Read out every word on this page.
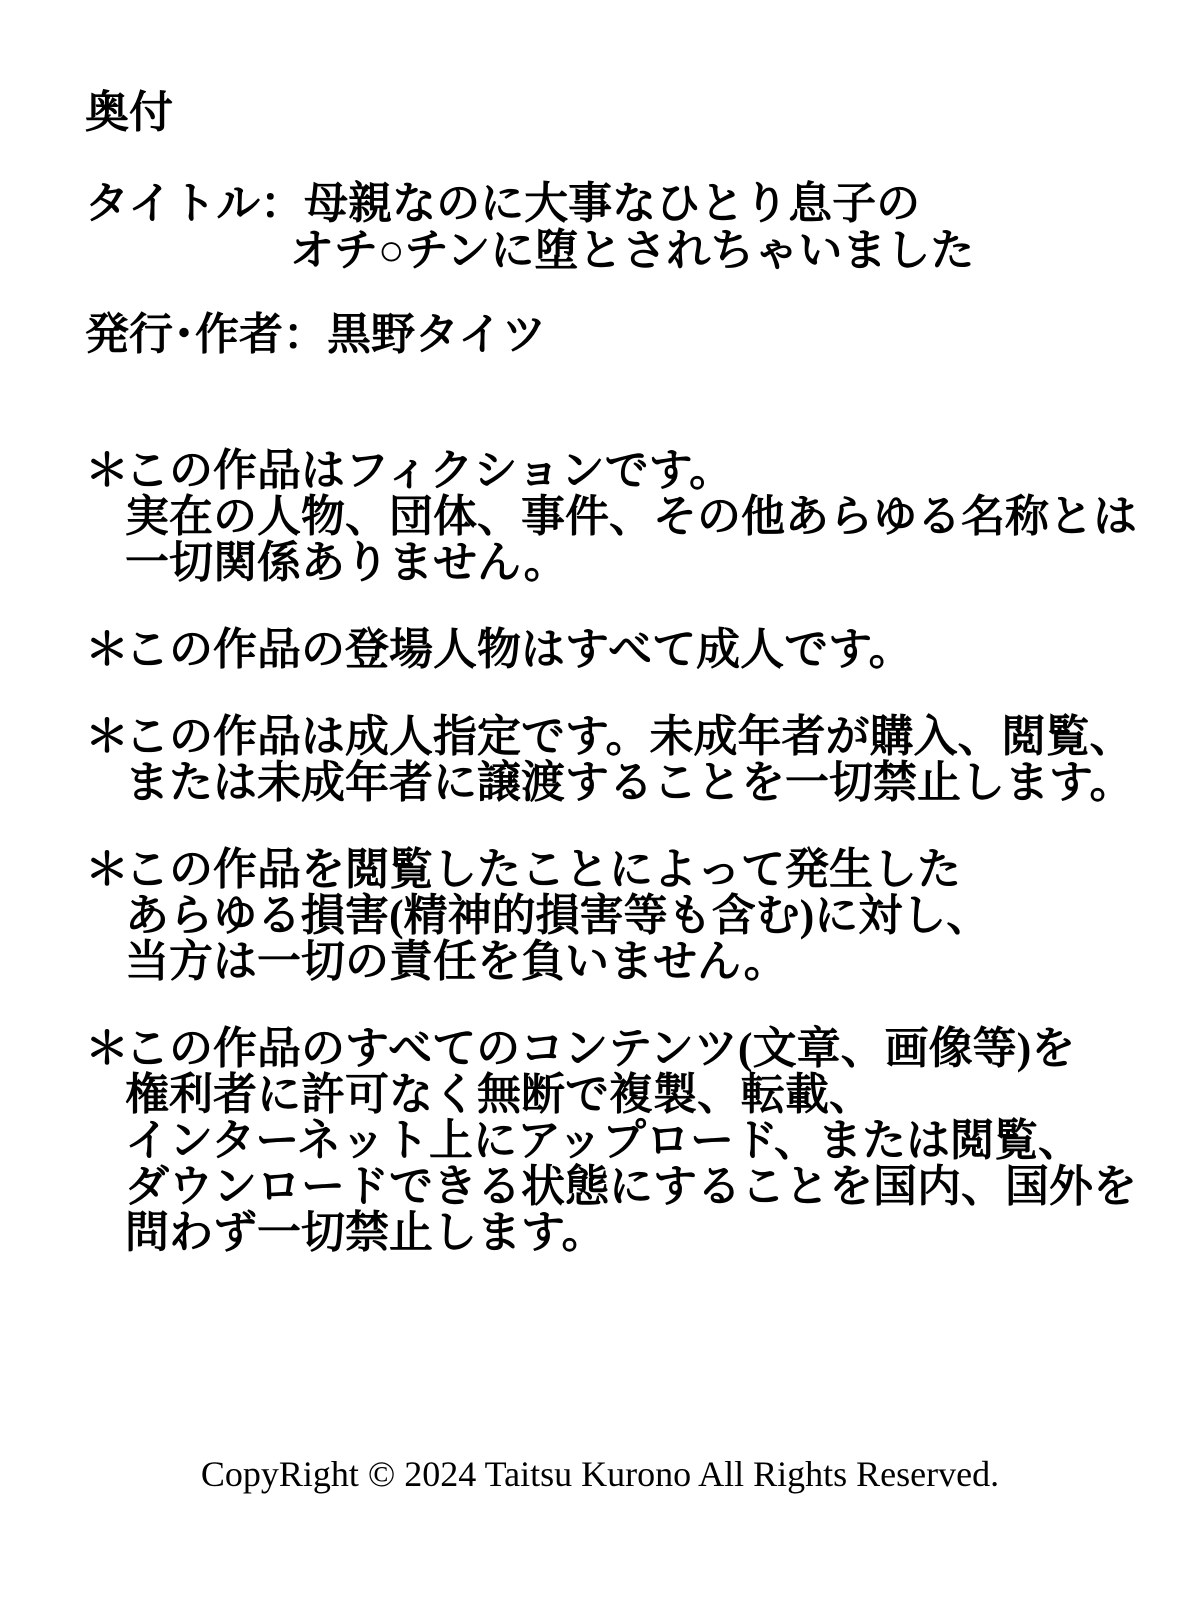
奥付
タイトル：母親なのに大事なひとり息子の
オチ○チンに堕とされちゃいました
発行･作者：黒野タイツ
＊
この作品はフィクションです。
実在の人物、団体、事件、その他あらゆる名称とは
一切関係ありません。
＊
この作品の登場人物はすべて成人です。
＊
この作品は成人指定です。未成年者が購入、閲覧、
または未成年者に譲渡することを一切禁止します。
＊
この作品を閲覧したことによって発生した
あらゆる損害(精神的損害等も含む)に対し、
当方は一切の責任を負いません。
＊
この作品のすべてのコンテンツ(文章、画像等)を
権利者に許可なく無断で複製、転載、
インターネット上にアップロード、または閲覧、
ダウンロードできる状態にすることを国内、国外を
問わず一切禁止します。
CopyRight © 2024 Taitsu Kurono All Rights Reserved.
